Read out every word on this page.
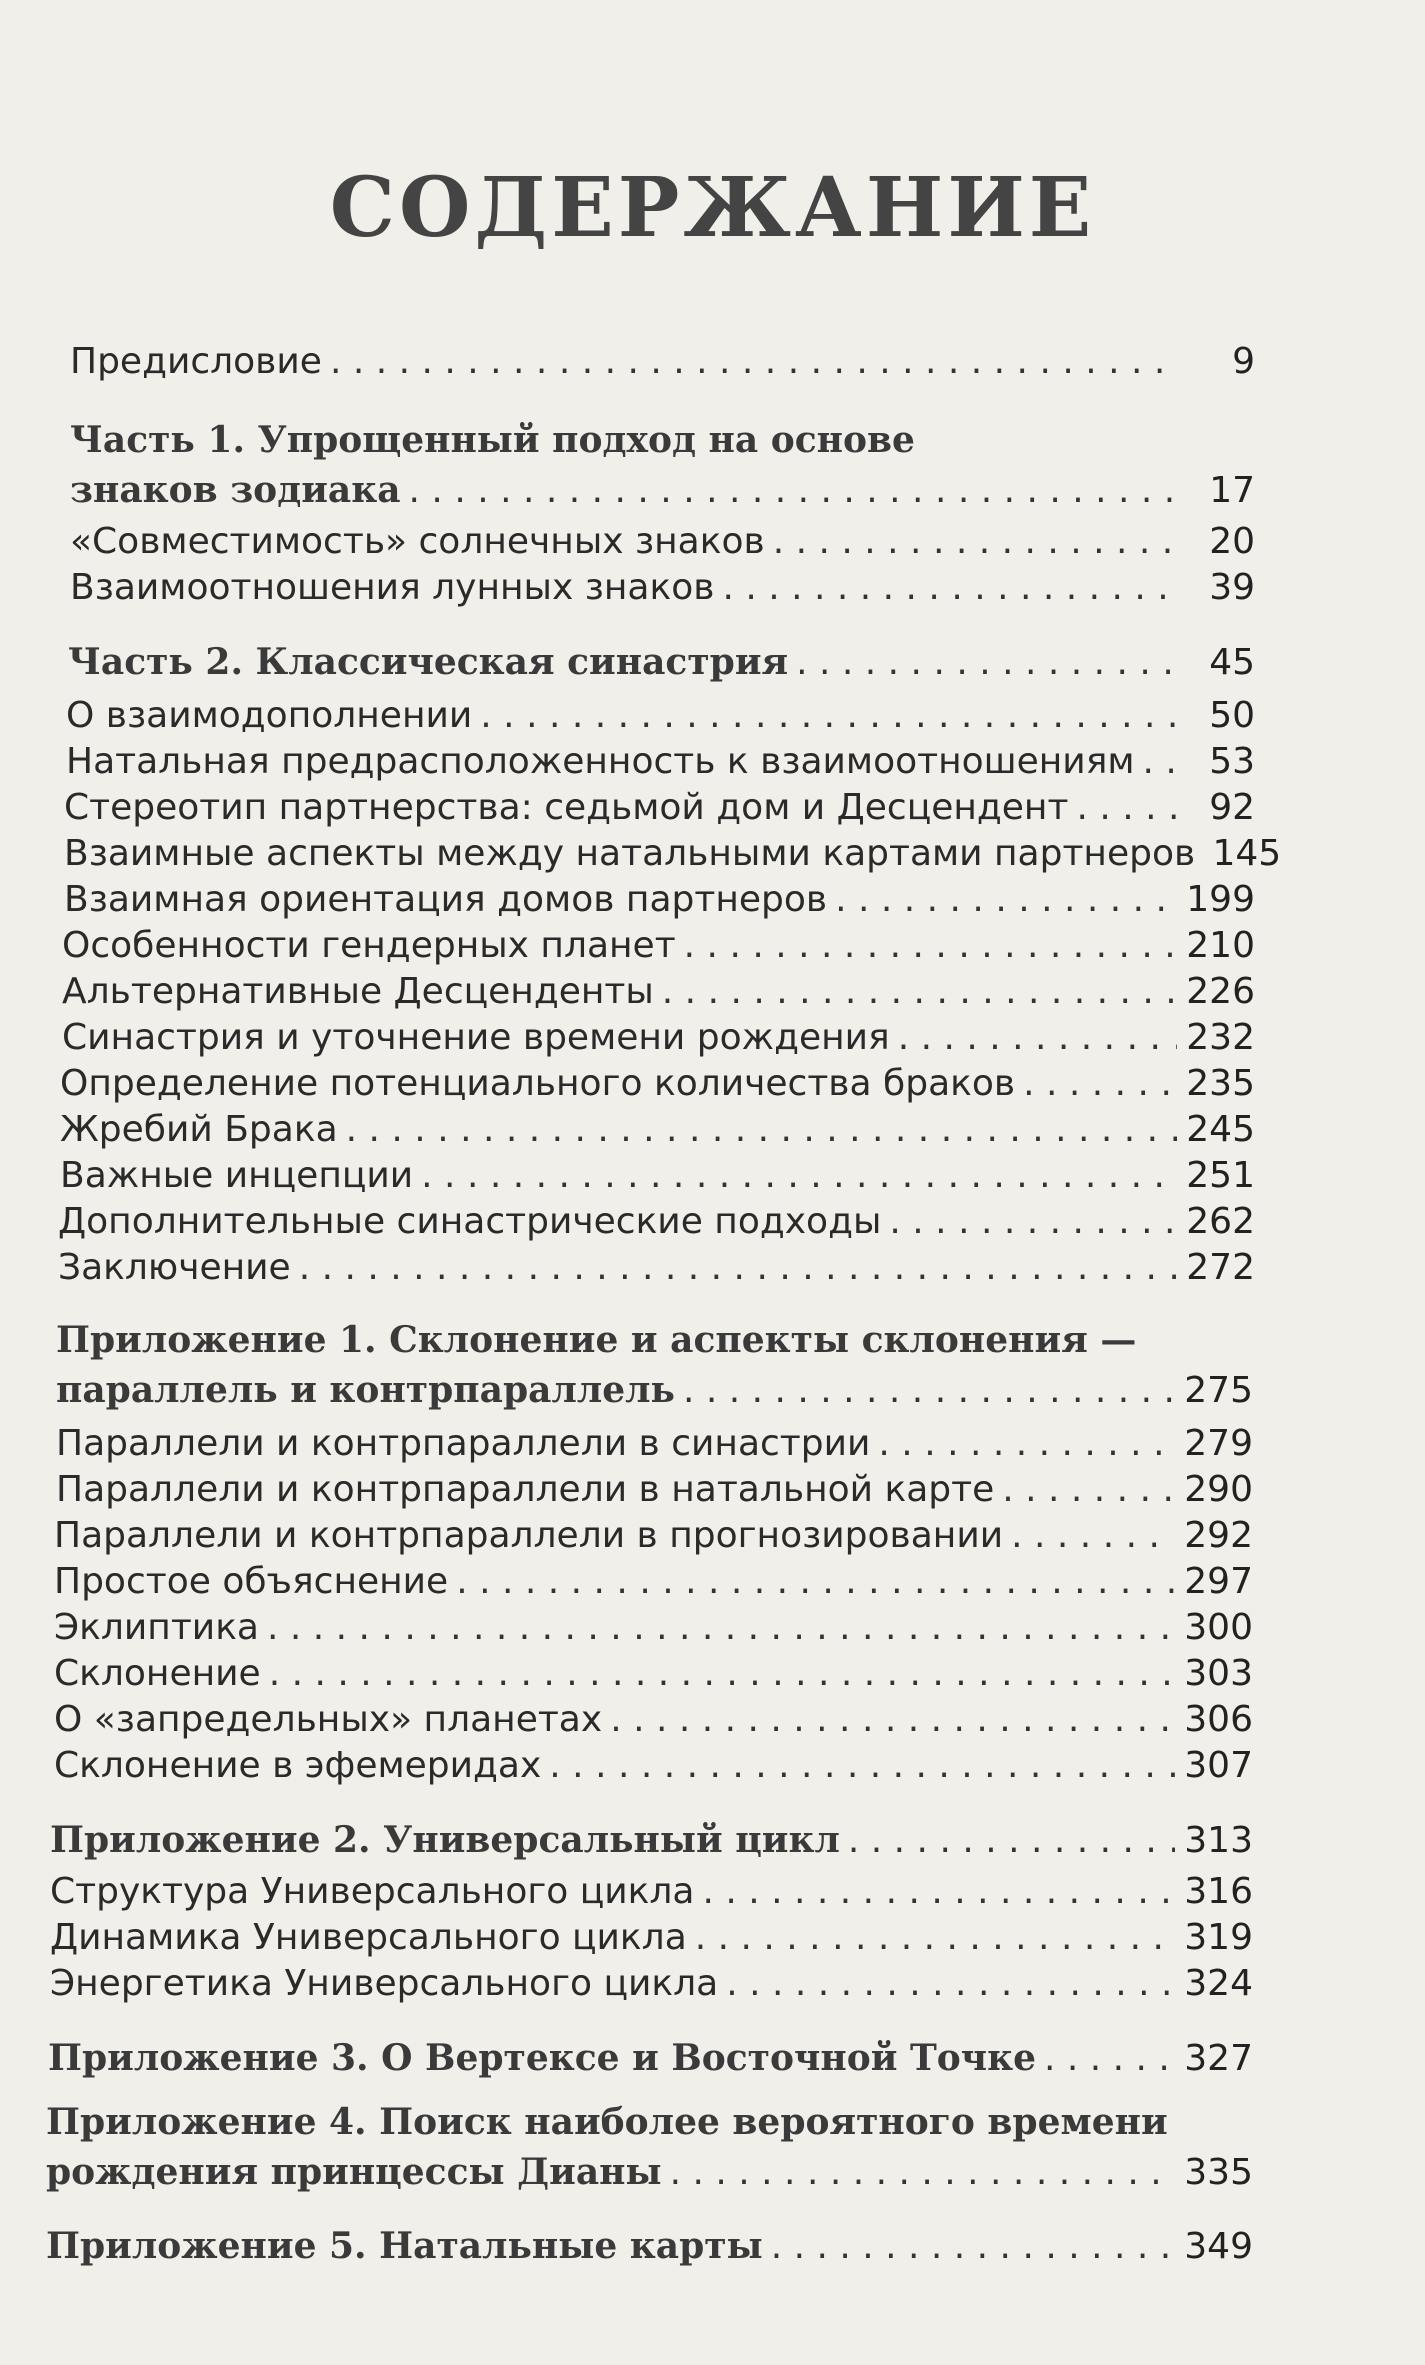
СОДЕРЖАНИЕ
Предисловие . . .	9
Часть 1. Упрощенный подход на основе
знаков зодиака . . .	17
«Совместимость» солнечных знаков . . .	20
Взаимоотношения лунных знаков . . .	39
Часть 2. Классическая синастрия . . .	45
О взаимодополнении . . .	50
Натальная предрасположенность к взаимоотношениям . . .	53
Стереотип партнерства: седьмой дом и Десцендент . . .	92
Взаимные аспекты между натальными картами партнеров 145
Взаимная ориентация домов партнеров . . .	199
Особенности гендерных планет . . .	210
Альтернативные Десценденты . . .	226
Синастрия и уточнение времени рождения . . .	232
Определение потенциального количества браков . . .	235
Жребий Брака . . .	245
Важные инцепции . . .	251
Дополнительные синастрические подходы . . .	262
Заключение . . .	272
Приложение 1. Склонение и аспекты склонения —
параллель и контрпараллель . . .	275
Параллели и контрпараллели в синастрии . . .	279
Параллели и контрпараллели в натальной карте . . .	290
Параллели и контрпараллели в прогнозировании . . .	292
Простое объяснение . . .	297
Эклиптика . . .	300
Склонение . . .	303
О «запредельных» планетах . . .	306
Склонение в эфемеридах . . .	307
Приложение 2. Универсальный цикл . . .	313
Структура Универсального цикла . . .	316
Динамика Универсального цикла . . .	319
Энергетика Универсального цикла . . .	324
Приложение 3. О Вертексе и Восточной Точке . . .	327
Приложение 4. Поиск наиболее вероятного времени
рождения принцессы Дианы . . .	335
Приложение 5. Натальные карты . . .	349
